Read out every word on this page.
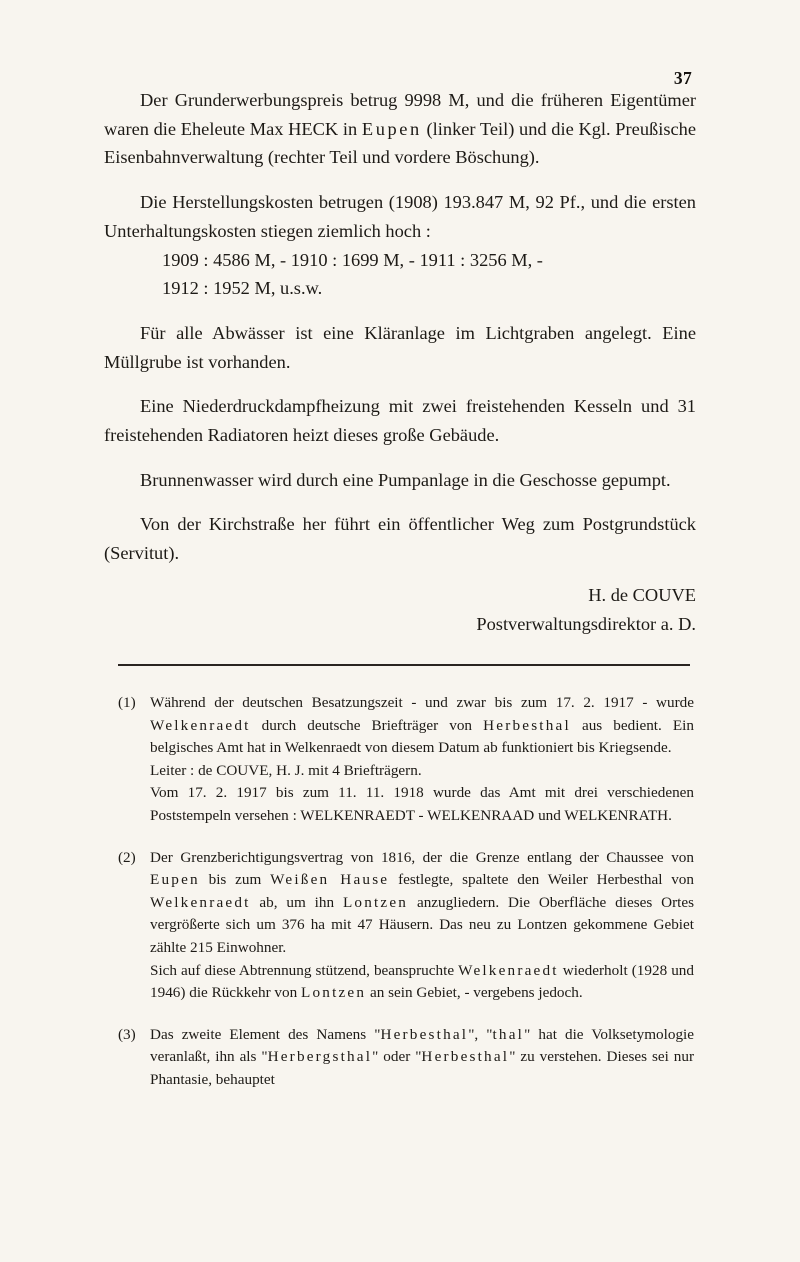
37

Der Grunderwerbungspreis betrug 9998 M, und die früheren Eigentümer waren die Eheleute Max HECK in Eupen (linker Teil) und die Kgl. Preußische Eisenbahnverwaltung (rechter Teil und vordere Böschung).

Die Herstellungskosten betrugen (1908) 193.847 M, 92 Pf., und die ersten Unterhaltungskosten stiegen ziemlich hoch :

1909 : 4586 M, - 1910 : 1699 M, - 1911 : 3256 M, -

1912 : 1952 M, u.s.w.

Für alle Abwässer ist eine Kläranlage im Lichtgraben angelegt. Eine Müllgrube ist vorhanden.

Eine Niederdruckdampfheizung mit zwei freistehenden Kesseln und 31 freistehenden Radiatoren heizt dieses große Gebäude.

Brunnenwasser wird durch eine Pumpanlage in die Geschosse gepumpt.

Von der Kirchstraße her führt ein öffentlicher Weg zum Postgrundstück (Servitut).

H. de COUVE
Postverwaltungsdirektor a. D.
(1) Während der deutschen Besatzungszeit - und zwar bis zum 17. 2. 1917 - wurde Welkenraedt durch deutsche Briefträger von Herbesthal aus bedient. Ein belgisches Amt hat in Welkenraedt von diesem Datum ab funktioniert bis Kriegsende.

Leiter : de COUVE, H. J. mit 4 Briefträgern.

Vom 17. 2. 1917 bis zum 11. 11. 1918 wurde das Amt mit drei verschiedenen Poststempeln versehen : WELKENRAEDT - WELKENRAAD und WELKENRATH.

(2) Der Grenzberichtigungsvertrag von 1816, der die Grenze entlang der Chaussee von Eupen bis zum Weißen Hause festlegte, spaltete den Weiler Herbesthal von Welkenraedt ab, um ihn Lontzen anzugliedern. Die Oberfläche dieses Ortes vergrößerte sich um 376 ha mit 47 Häusern. Das neu zu Lontzen gekommene Gebiet zählte 215 Einwohner.

Sich auf diese Abtrennung stützend, beanspruchte Welkenraedt wiederholt (1928 und 1946) die Rückkehr von Lontzen an sein Gebiet, - vergebens jedoch.

(3) Das zweite Element des Namens "Herbesthal", "thal" hat die Volksetymologie veranlaßt, ihn als "Herbergsthal" oder "Herbesthal" zu verstehen. Dieses sei nur Phantasie, behauptet
